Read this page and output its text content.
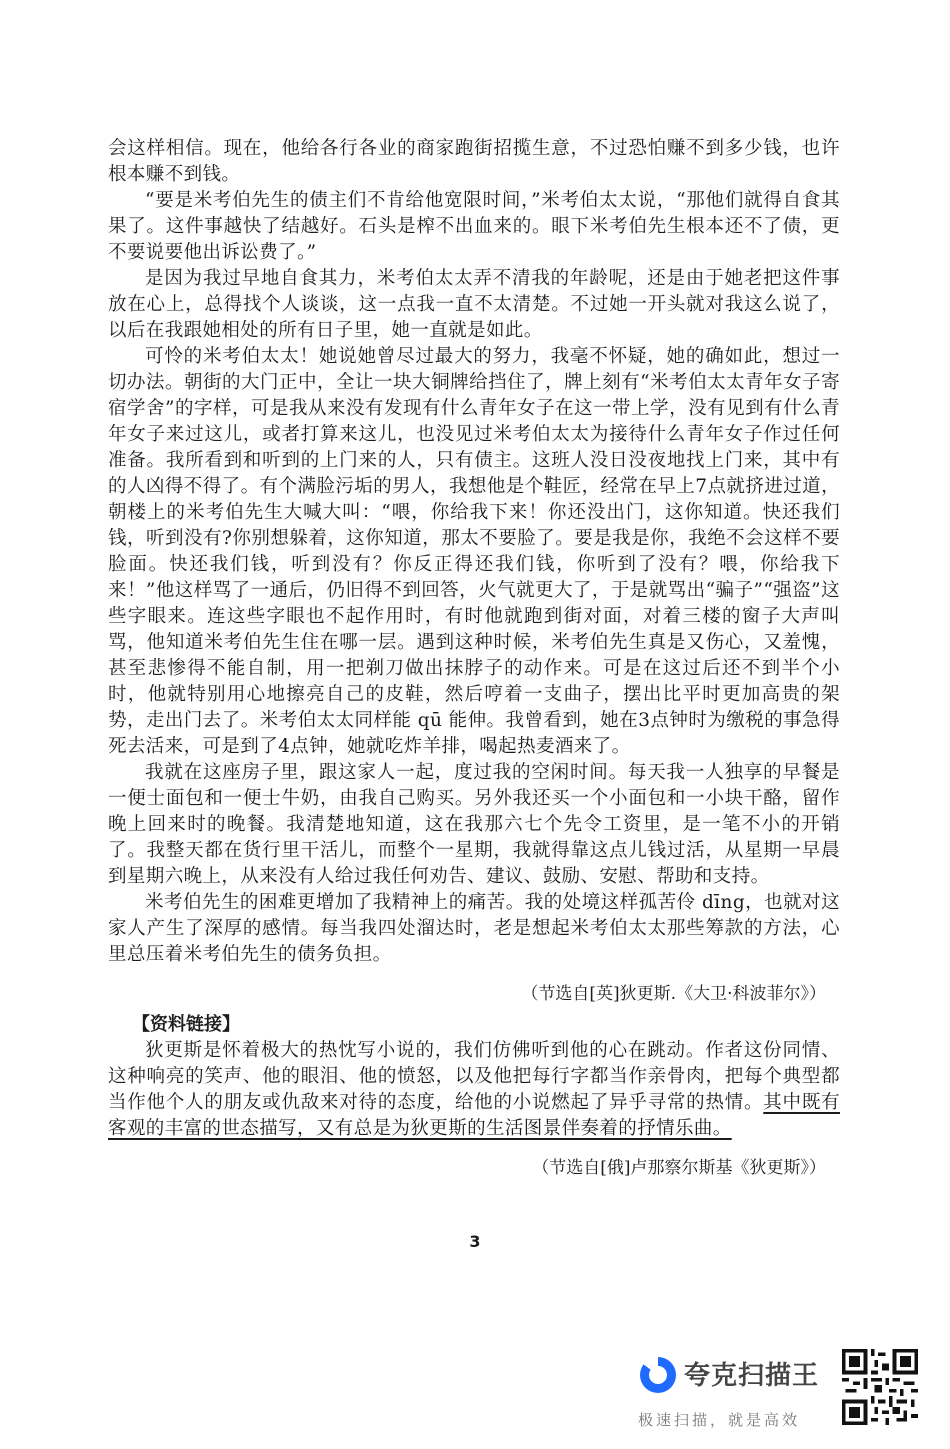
会这样相信。现在，他给各行各业的商家跑街招揽生意，不过恐怕赚不到多少钱，也许根本赚不到钱。

“要是米考伯先生的债主们不肯给他宽限时间，”米考伯太太说，“那他们就得自食其果了。这件事越快了结越好。石头是榨不出血来的。眼下米考伯先生根本还不了债，更不要说要他出诉讼费了。”

是因为我过早地自食其力，米考伯太太弄不清我的年龄呢，还是由于她老把这件事放在心上，总得找个人谈谈，这一点我一直不太清楚。不过她一开头就对我这么说了，以后在我跟她相处的所有日子里，她一直就是如此。

可怜的米考伯太太！她说她曾尽过最大的努力，我毫不怀疑，她的确如此，想过一切办法。朝街的大门正中，全让一块大铜牌给挡住了，牌上刻有“米考伯太太青年女子寄宿学舍”的字样，可是我从来没有发现有什么青年女子在这一带上学，没有见到有什么青年女子来过这儿，或者打算来这儿，也没见过米考伯太太为接待什么青年女子作过任何准备。我所看到和听到的上门来的人，只有债主。这班人没日没夜地找上门来，其中有的人凶得不得了。有个满脸污垢的男人，我想他是个鞋匠，经常在早上7点就挤进过道，朝楼上的米考伯先生大喊大叫：“喂，你给我下来！你还没出门，这你知道。快还我们钱，听到没有?你别想躲着，这你知道，那太不要脸了。要是我是你，我绝不会这样不要脸面。快还我们钱，听到没有？你反正得还我们钱，你听到了没有？喂，你给我下来！”他这样骂了一通后，仍旧得不到回答，火气就更大了，于是就骂出“骗子”“强盗”这些字眼来。连这些字眼也不起作用时，有时他就跑到街对面，对着三楼的窗子大声叫骂，他知道米考伯先生住在哪一层。遇到这种时候，米考伯先生真是又伤心，又羞愧，甚至悲惨得不能自制，用一把剃刀做出抹脖子的动作来。可是在这过后还不到半个小时，他就特别用心地擦亮自己的皮鞋，然后哼着一支曲子，摆出比平时更加高贵的架势，走出门去了。米考伯太太同样能 qū 能伸。我曾看到，她在3点钟时为缴税的事急得死去活来，可是到了4点钟，她就吃炸羊排，喝起热麦酒来了。

我就在这座房子里，跟这家人一起，度过我的空闲时间。每天我一人独享的早餐是一便士面包和一便士牛奶，由我自己购买。另外我还买一个小面包和一小块干酪，留作晚上回来时的晚餐。我清楚地知道，这在我那六七个先令工资里，是一笔不小的开销了。我整天都在货行里干活儿，而整个一星期，我就得靠这点儿钱过活，从星期一早晨到星期六晚上，从来没有人给过我任何劝告、建议、鼓励、安慰、帮助和支持。

米考伯先生的困难更增加了我精神上的痛苦。我的处境这样孤苦伶 dīng，也就对这家人产生了深厚的感情。每当我四处溜达时，老是想起米考伯太太那些筹款的方法，心里总压着米考伯先生的债务负担。

（节选自[英]狄更斯.《大卫·科波菲尔》）

【资料链接】

狄更斯是怀着极大的热忱写小说的，我们仿佛听到他的心在跳动。作者这份同情、这种响亮的笑声、他的眼泪、他的愤怒，以及他把每行字都当作亲骨肉，把每个典型都当作他个人的朋友或仇敌来对待的态度，给他的小说燃起了异乎寻常的热情。其中既有客观的丰富的世态描写，又有总是为狄更斯的生活图景伴奏着的抒情乐曲。

（节选自[俄]卢那察尔斯基《狄更斯》）

3
夸克扫描王
极速扫描，就是高效
